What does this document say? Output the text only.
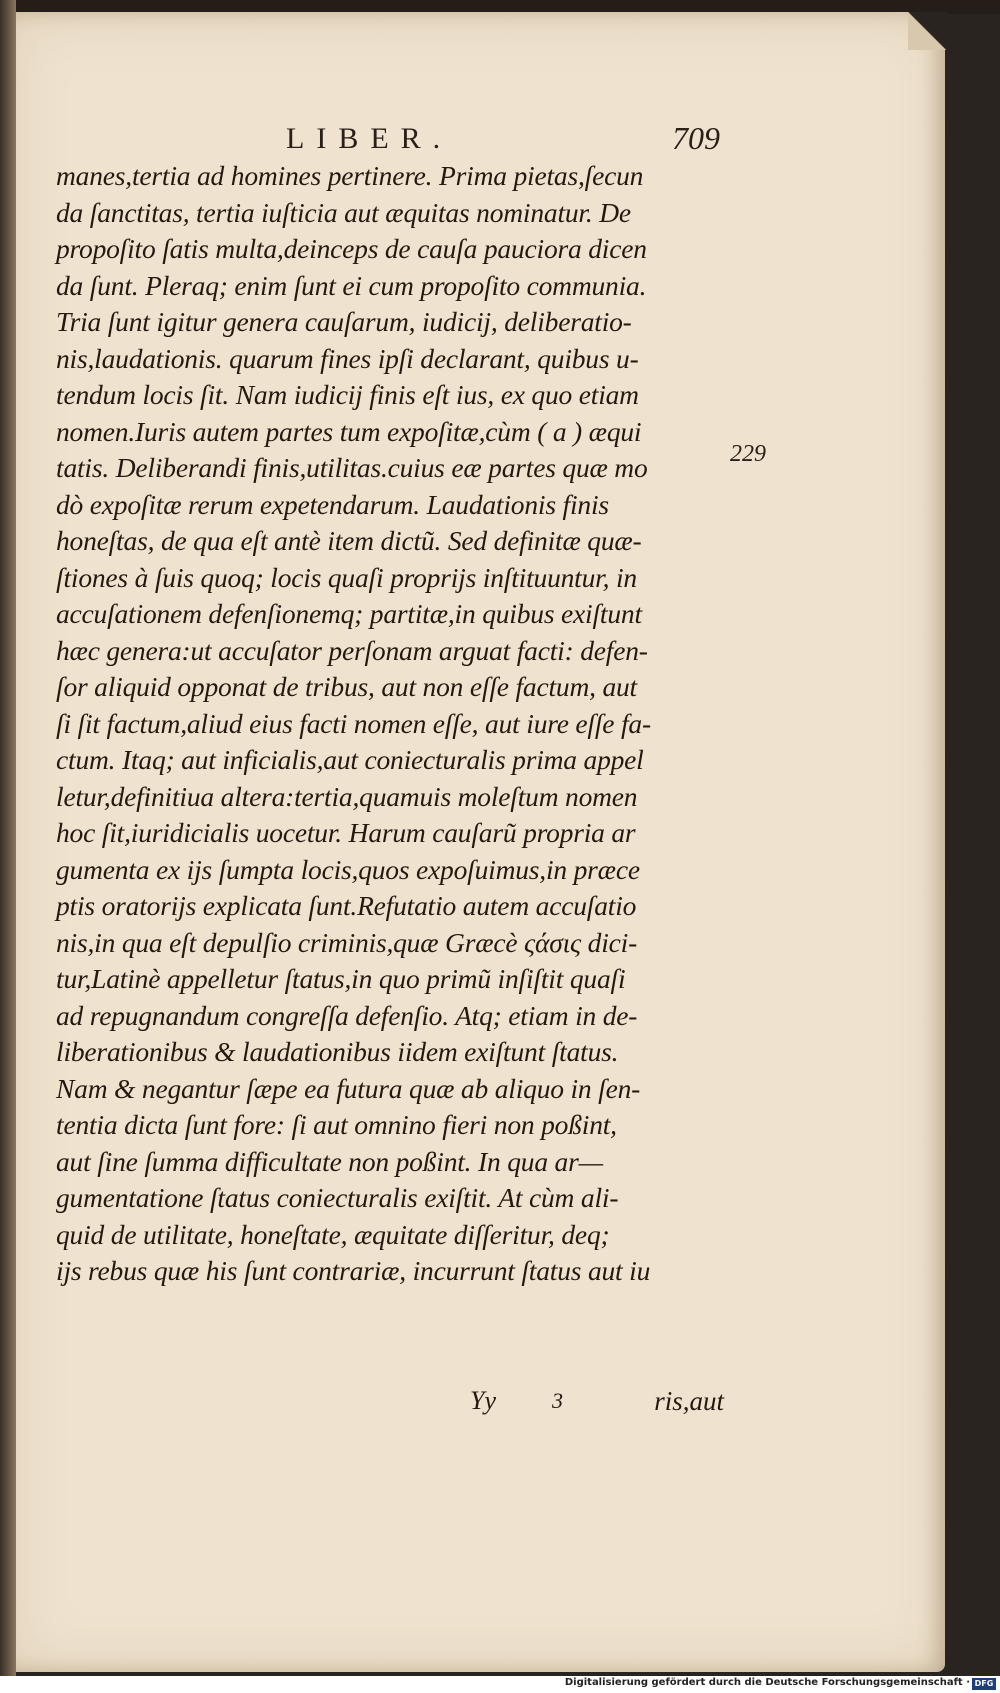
LIBER.	709
manes,tertia ad homines pertinere. Prima pietas,ſecun
da ſanctitas, tertia iuſticia aut æquitas nominatur. De
propoſito ſatis multa,deinceps de cauſa pauciora dicen
da ſunt. Pleraq; enim ſunt ei cum propoſito communia.
Tria ſunt igitur genera cauſarum, iudicij, deliberatio-
nis,laudationis. quarum fines ipſi declarant, quibus u-
tendum locis ſit. Nam iudicij finis eſt ius, ex quo etiam
nomen.Iuris autem partes tum expoſitæ,cùm ( a ) æqui
tatis. Deliberandi finis,utilitas.cuius eæ partes quæ mo
dò expoſitæ rerum expetendarum. Laudationis finis
honeſtas, de qua eſt antè item dictũ. Sed definitæ quæ-
ſtiones à ſuis quoq; locis quaſi proprijs inſtituuntur, in
accuſationem defenſionemq; partitæ,in quibus exiſtunt
hæc genera:ut accuſator perſonam arguat facti: defen-
ſor aliquid opponat de tribus, aut non eſſe factum, aut
ſi ſit factum,aliud eius facti nomen eſſe, aut iure eſſe fa-
ctum. Itaq; aut inficialis,aut coniecturalis prima appel
letur,definitiua altera:tertia,quamuis moleſtum nomen
hoc ſit,iuridicialis uocetur. Harum cauſarũ propria ar
gumenta ex ijs ſumpta locis,quos expoſuimus,in præce
ptis oratorijs explicata ſunt.Refutatio autem accuſatio
nis,in qua eſt depulſio criminis,quæ Græcè ςάσις dici-
tur,Latinè appelletur ſtatus,in quo primũ inſiſtit quaſi
ad repugnandum congreſſa defenſio. Atq; etiam in de-
liberationibus & laudationibus iidem exiſtunt ſtatus.
Nam & negantur ſæpe ea futura quæ ab aliquo in ſen-
tentia dicta ſunt fore: ſi aut omnino fieri non poßint,
aut ſine ſumma difficultate non poßint. In qua ar—
gumentatione ſtatus coniecturalis exiſtit. At cùm ali-
quid de utilitate, honeſtate, æquitate diſſeritur, deq;
ijs rebus quæ his ſunt contrariæ, incurrunt ſtatus aut iu
229
Yy	3	ris,aut
Digitalisierung gefördert durch die Deutsche Forschungsgemeinschaft · DFG
